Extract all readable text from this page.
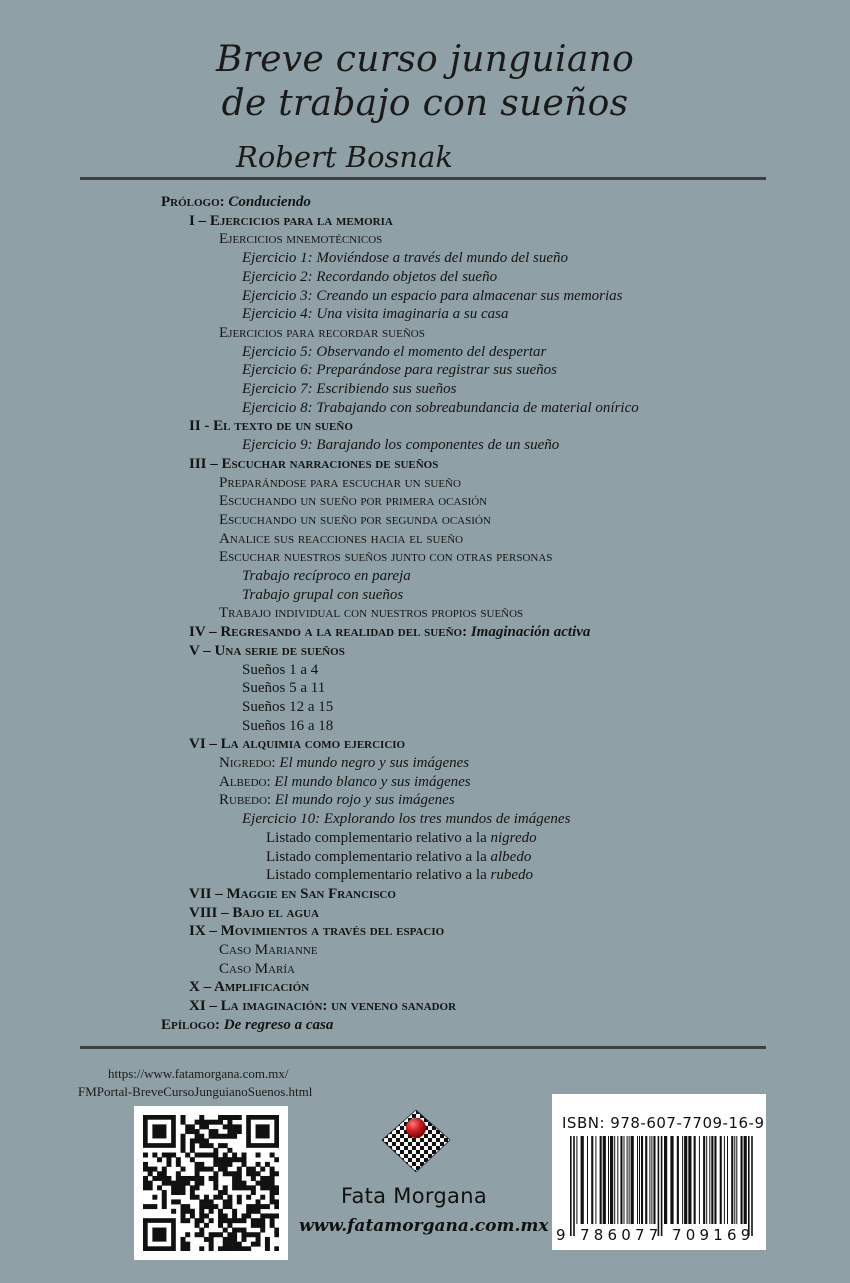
Breve curso junguiano
de trabajo con sueños
Robert Bosnak
Prólogo: Conduciendo
I – Ejercicios para la memoria
Ejercicios mnemotécnicos
Ejercicio 1: Moviéndose a través del mundo del sueño
Ejercicio 2: Recordando objetos del sueño
Ejercicio 3: Creando un espacio para almacenar sus memorias
Ejercicio 4: Una visita imaginaria a su casa
Ejercicios para recordar sueños
Ejercicio 5: Observando el momento del despertar
Ejercicio 6: Preparándose para registrar sus sueños
Ejercicio 7: Escribiendo sus sueños
Ejercicio 8: Trabajando con sobreabundancia de material onírico
II - El texto de un sueño
Ejercicio 9: Barajando los componentes de un sueño
III – Escuchar narraciones de sueños
Preparándose para escuchar un sueño
Escuchando un sueño por primera ocasión
Escuchando un sueño por segunda ocasión
Analice sus reacciones hacia el sueño
Escuchar nuestros sueños junto con otras personas
Trabajo recíproco en pareja
Trabajo grupal con sueños
Trabajo individual con nuestros propios sueños
IV – Regresando a la realidad del sueño: Imaginación activa
V – Una serie de sueños
Sueños 1 a 4
Sueños 5 a 11
Sueños 12 a 15
Sueños 16 a 18
VI – La alquimia como ejercicio
Nigredo: El mundo negro y sus imágenes
Albedo: El mundo blanco y sus imágenes
Rubedo: El mundo rojo y sus imágenes
Ejercicio 10: Explorando los tres mundos de imágenes
Listado complementario relativo a la nigredo
Listado complementario relativo a la albedo
Listado complementario relativo a la rubedo
VII – Maggie en San Francisco
VIII – Bajo el agua
IX – Movimientos a través del espacio
Caso Marianne
Caso María
X – Amplificación
XI – La imaginación: un veneno sanador
Epílogo: De regreso a casa
https://www.fatamorgana.com.mx/
FMPortal-BreveCursoJunguianoSuenos.html
Fata Morgana
www.fatamorgana.com.mx
ISBN: 978-607-7709-16-9
9 786077 709169
